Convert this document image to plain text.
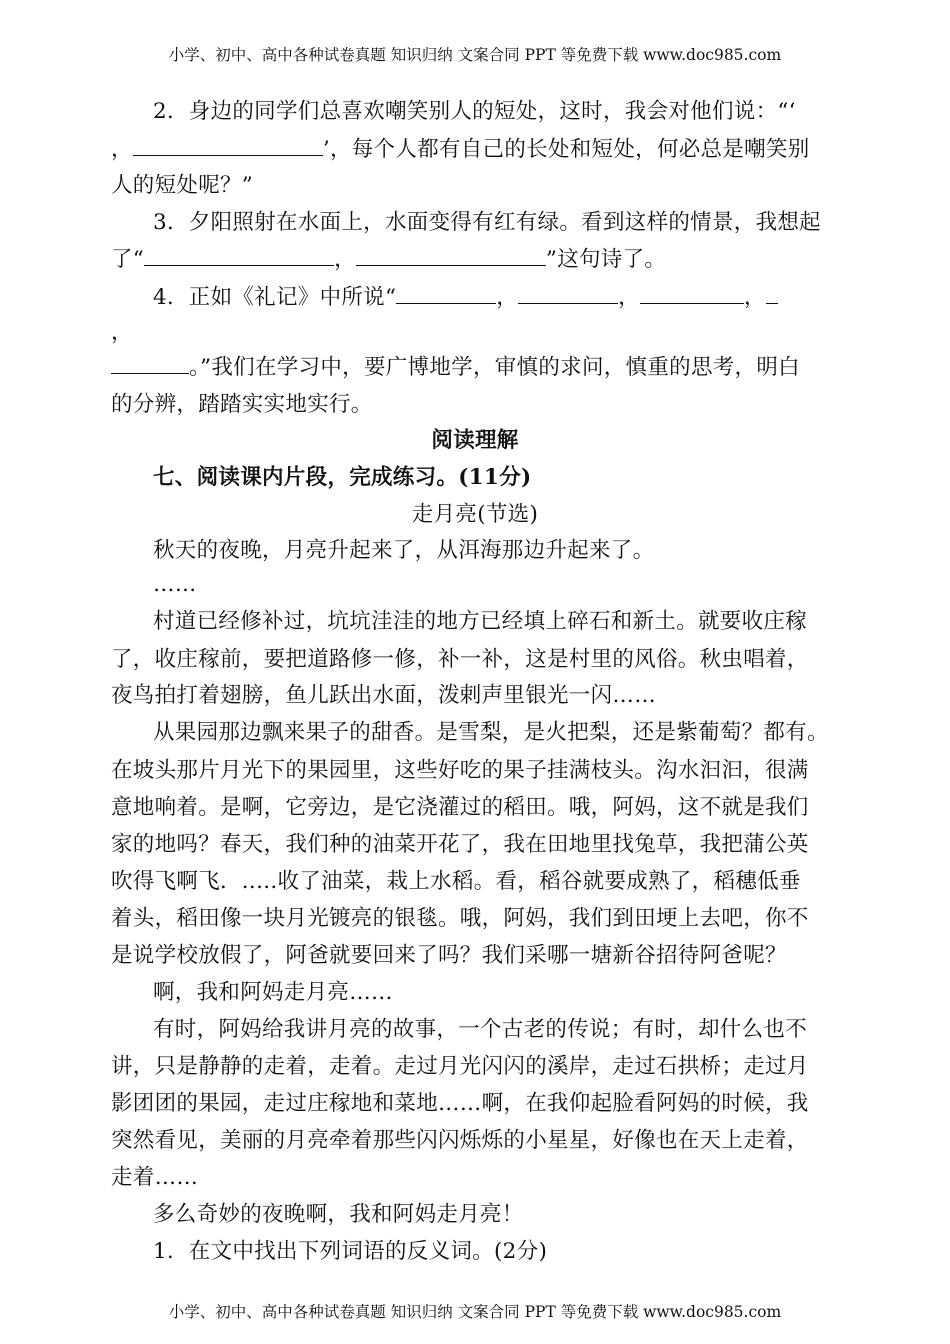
小学、初中、高中各种试卷真题 知识归纳 文案合同 PPT 等免费下载 www.doc985.com
2．身边的同学们总喜欢嘲笑别人的短处，这时，我会对他们说：“‘
，	’，每个人都有自己的长处和短处，何必总是嘲笑别
人的短处呢？”
3．夕阳照射在水面上，水面变得有红有绿。看到这样的情景，我想起
了“	，	”这句诗了。
4．正如《礼记》中所说“	，	，	，
，
。”我们在学习中，要广博地学，审慎的求问，慎重的思考，明白
的分辨，踏踏实实地实行。
阅读理解
七、阅读课内片段，完成练习。(11分)
走月亮(节选)
秋天的夜晚，月亮升起来了，从洱海那边升起来了。
……
村道已经修补过，坑坑洼洼的地方已经填上碎石和新土。就要收庄稼
了，收庄稼前，要把道路修一修，补一补，这是村里的风俗。秋虫唱着，
夜鸟拍打着翅膀，鱼儿跃出水面，泼剌声里银光一闪……
从果园那边飘来果子的甜香。是雪梨，是火把梨，还是紫葡萄？都有。
在坡头那片月光下的果园里，这些好吃的果子挂满枝头。沟水汩汩，很满
意地响着。是啊，它旁边，是它浇灌过的稻田。哦，阿妈，这不就是我们
家的地吗？春天，我们种的油菜开花了，我在田地里找兔草，我把蒲公英
吹得飞啊飞．.....收了油菜，栽上水稻。看，稻谷就要成熟了，稻穗低垂
着头，稻田像一块月光镀亮的银毯。哦，阿妈，我们到田埂上去吧，你不
是说学校放假了，阿爸就要回来了吗？我们采哪一塘新谷招待阿爸呢？
啊，我和阿妈走月亮……
有时，阿妈给我讲月亮的故事，一个古老的传说；有时，却什么也不
讲，只是静静的走着，走着。走过月光闪闪的溪岸，走过石拱桥；走过月
影团团的果园，走过庄稼地和菜地……啊，在我仰起脸看阿妈的时候，我
突然看见，美丽的月亮牵着那些闪闪烁烁的小星星，好像也在天上走着，
走着……
多么奇妙的夜晚啊，我和阿妈走月亮！
1．在文中找出下列词语的反义词。(2分)
小学、初中、高中各种试卷真题 知识归纳 文案合同 PPT 等免费下载 www.doc985.com
